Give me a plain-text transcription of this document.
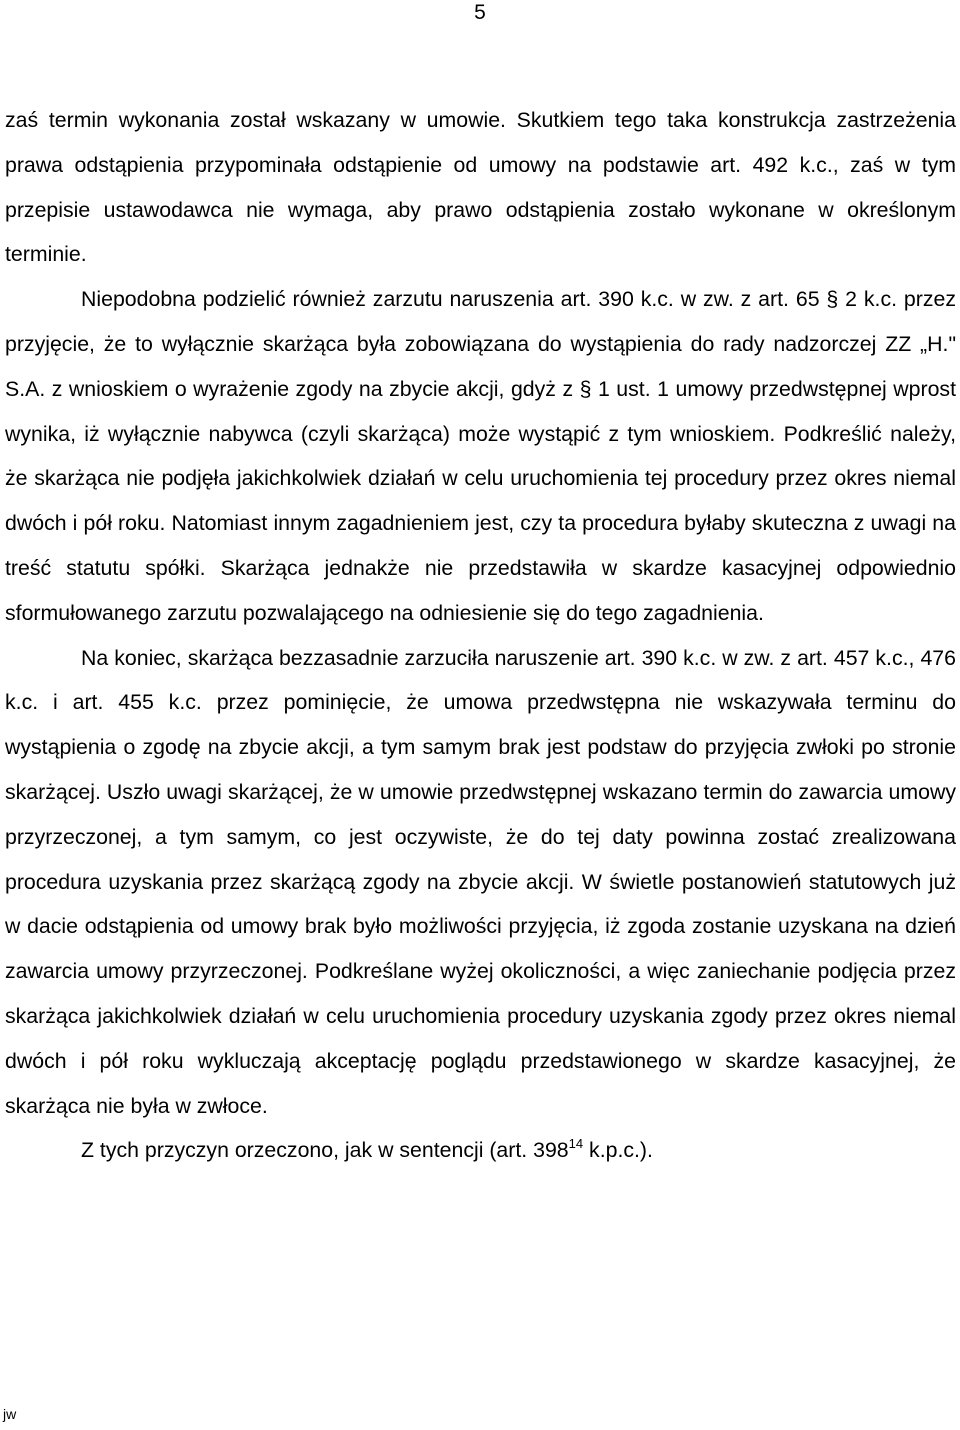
5

zaś termin wykonania został wskazany w umowie. Skutkiem tego taka konstrukcja zastrzeżenia prawa odstąpienia przypominała odstąpienie od umowy na podstawie art. 492 k.c., zaś w tym przepisie ustawodawca nie wymaga, aby prawo odstąpienia zostało wykonane w określonym terminie.

Niepodobna podzielić również zarzutu naruszenia art. 390 k.c. w zw. z art. 65 § 2 k.c. przez przyjęcie, że to wyłącznie skarżąca była zobowiązana do wystąpienia do rady nadzorczej ZZ „H." S.A. z wnioskiem o wyrażenie zgody na zbycie akcji, gdyż z § 1 ust. 1 umowy przedwstępnej wprost wynika, iż wyłącznie nabywca (czyli skarżąca) może wystąpić z tym wnioskiem. Podkreślić należy, że skarżąca nie podjęła jakichkolwiek działań w celu uruchomienia tej procedury przez okres niemal dwóch i pół roku. Natomiast innym zagadnieniem jest, czy ta procedura byłaby skuteczna z uwagi na treść statutu spółki. Skarżąca jednakże nie przedstawiła w skardze kasacyjnej odpowiednio sformułowanego zarzutu pozwalającego na odniesienie się do tego zagadnienia.

Na koniec, skarżąca bezzasadnie zarzuciła naruszenie art. 390 k.c. w zw. z art. 457 k.c., 476 k.c. i art. 455 k.c. przez pominięcie, że umowa przedwstępna nie wskazywała terminu do wystąpienia o zgodę na zbycie akcji, a tym samym brak jest podstaw do przyjęcia zwłoki po stronie skarżącej. Uszło uwagi skarżącej, że w umowie przedwstępnej wskazano termin do zawarcia umowy przyrzeczonej, a tym samym, co jest oczywiste, że do tej daty powinna zostać zrealizowana procedura uzyskania przez skarżącą zgody na zbycie akcji. W świetle postanowień statutowych już w dacie odstąpienia od umowy brak było możliwości przyjęcia, iż zgoda zostanie uzyskana na dzień zawarcia umowy przyrzeczonej. Podkreślane wyżej okoliczności, a więc zaniechanie podjęcia przez skarżąca jakichkolwiek działań w celu uruchomienia procedury uzyskania zgody przez okres niemal dwóch i pół roku wykluczają akceptację poglądu przedstawionego w skardze kasacyjnej, że skarżąca nie była w zwłoce.

Z tych przyczyn orzeczono, jak w sentencji (art. $398^{14}$ k.p.c.).

jw
